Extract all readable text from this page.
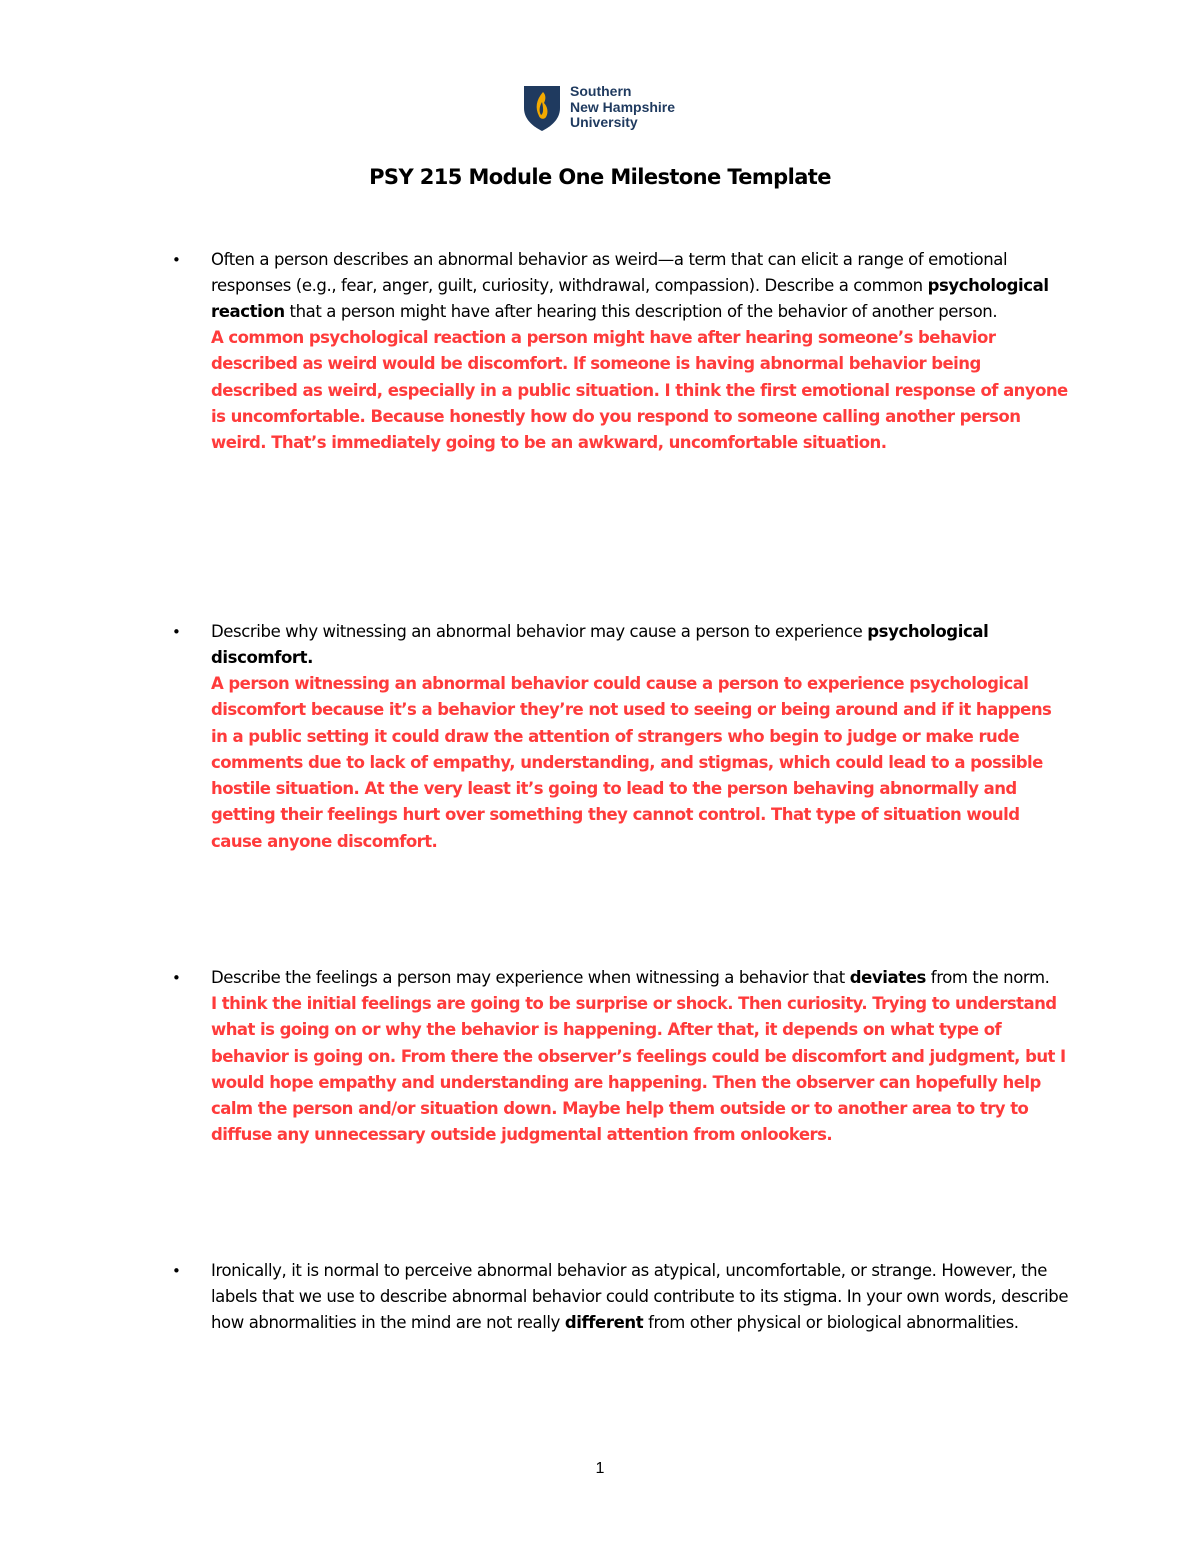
Southern
New Hampshire
University
PSY 215 Module One Milestone Template
• Often a person describes an abnormal behavior as weird—a term that can elicit a range of emotional responses (e.g., fear, anger, guilt, curiosity, withdrawal, compassion). Describe a common psychological reaction that a person might have after hearing this description of the behavior of another person.
A common psychological reaction a person might have after hearing someone’s behavior described as weird would be discomfort. If someone is having abnormal behavior being described as weird, especially in a public situation. I think the first emotional response of anyone is uncomfortable. Because honestly how do you respond to someone calling another person weird. That’s immediately going to be an awkward, uncomfortable situation.
• Describe why witnessing an abnormal behavior may cause a person to experience psychological discomfort.
A person witnessing an abnormal behavior could cause a person to experience psychological discomfort because it’s a behavior they’re not used to seeing or being around and if it happens in a public setting it could draw the attention of strangers who begin to judge or make rude comments due to lack of empathy, understanding, and stigmas, which could lead to a possible hostile situation. At the very least it’s going to lead to the person behaving abnormally and getting their feelings hurt over something they cannot control. That type of situation would cause anyone discomfort.
• Describe the feelings a person may experience when witnessing a behavior that deviates from the norm.
I think the initial feelings are going to be surprise or shock. Then curiosity. Trying to understand what is going on or why the behavior is happening. After that, it depends on what type of behavior is going on. From there the observer’s feelings could be discomfort and judgment, but I would hope empathy and understanding are happening. Then the observer can hopefully help calm the person and/or situation down. Maybe help them outside or to another area to try to diffuse any unnecessary outside judgmental attention from onlookers.
• Ironically, it is normal to perceive abnormal behavior as atypical, uncomfortable, or strange. However, the labels that we use to describe abnormal behavior could contribute to its stigma. In your own words, describe how abnormalities in the mind are not really different from other physical or biological abnormalities.
1
